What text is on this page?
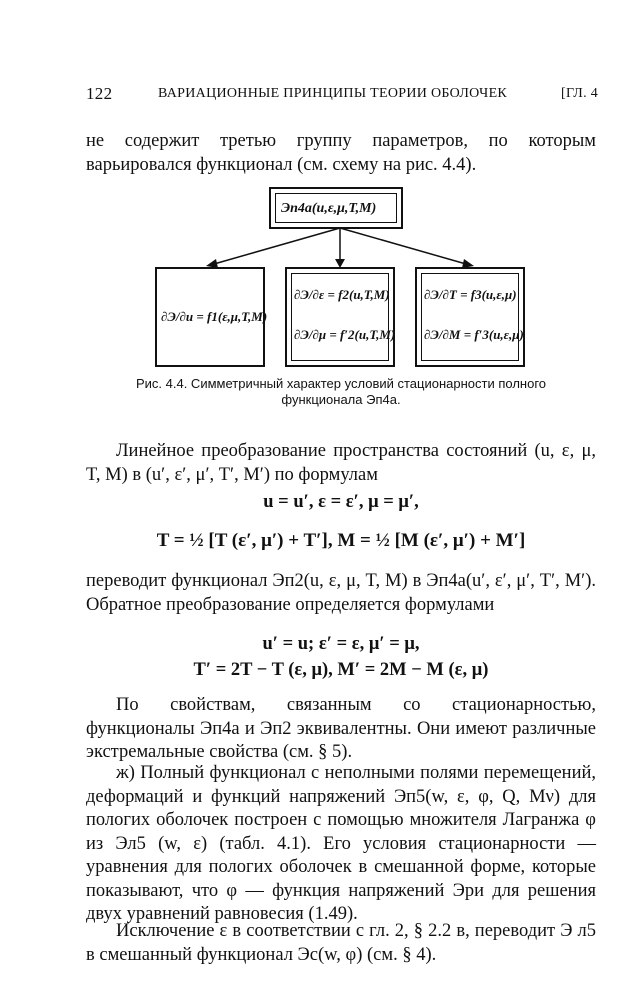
122	ВАРИАЦИОННЫЕ ПРИНЦИПЫ ТЕОРИИ ОБОЛОЧЕК	[ГЛ. 4
не содержит третью группу параметров, по которым варьировался функционал (см. схему на рис. 4.4).
Эп4а(u,ε,μ,T,M)
∂Э/∂u = f1(ε,μ,T,M)
∂Э/∂ε = f2(u,T,M)
∂Э/∂μ = f′2(u,T,M)
∂Э/∂T = f3(u,ε,μ)
∂Э/∂M = f′3(u,ε,μ)
Рис. 4.4. Симметричный характер условий стационарности полного
функционала Эп4а.
Линейное преобразование пространства состояний (u, ε, μ, T, M) в (u′, ε′, μ′, T′, M′) по формулам
u = u′, ε = ε′, μ = μ′,
T = ½ [T (ε′, μ′) + T′], M = ½ [M (ε′, μ′) + M′]
переводит функционал Эп2(u, ε, μ, T, M) в Эп4а(u′, ε′, μ′, T′, M′). Обратное преобразование определяется формулами
u′ = u; ε′ = ε, μ′ = μ,
T′ = 2T − T (ε, μ), M′ = 2M − M (ε, μ)
По свойствам, связанным со стационарностью, функционалы Эп4а и Эп2 эквивалентны. Они имеют различные экстремальные свойства (см. § 5).
ж) Полный функционал с неполными полями перемещений, деформаций и функций напряжений Эп5(w, ε, φ, Q, Mν) для пологих оболочек построен с помощью множителя Лагранжа φ из Эл5 (w, ε) (табл. 4.1). Его условия стационарности — уравнения для пологих оболочек в смешанной форме, которые показывают, что φ — функция напряжений Эри для решения двух уравнений равновесия (1.49).
Исключение ε в соответствии с гл. 2, § 2.2 в, переводит Э л5 в смешанный функционал Эс(w, φ) (см. § 4).
